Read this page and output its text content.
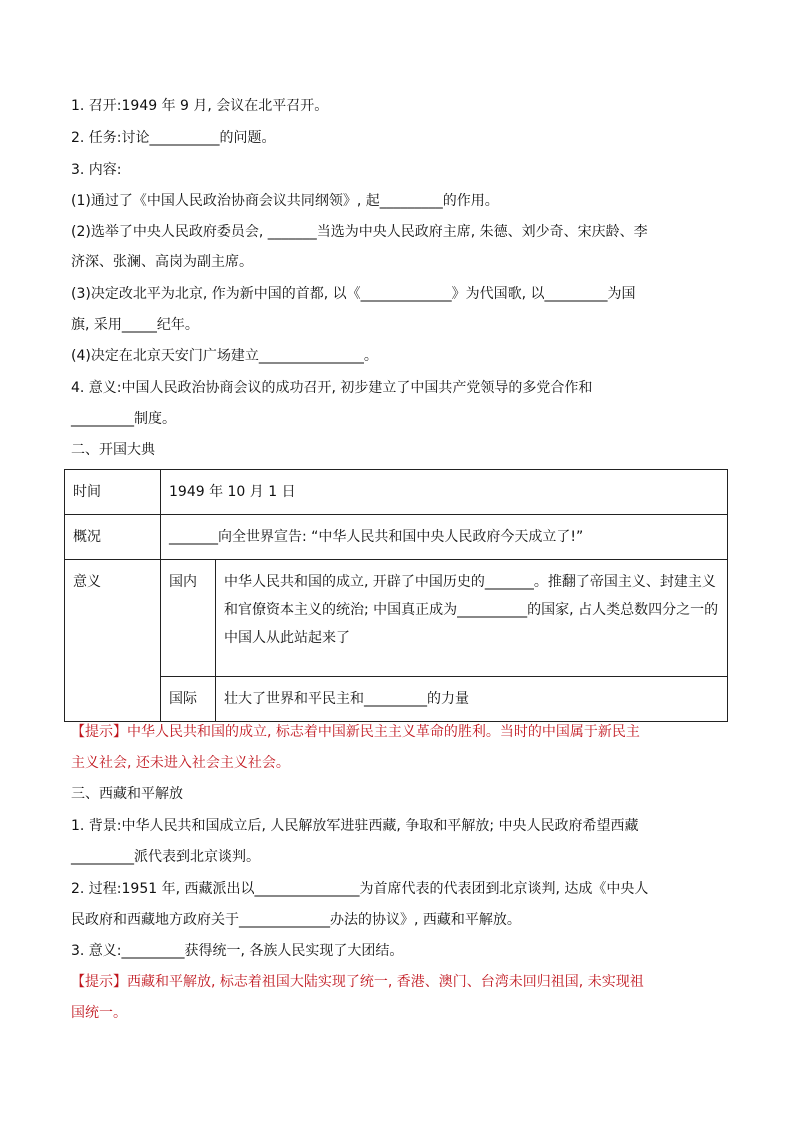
1. 召开:1949 年 9 月, 会议在北平召开。
2. 任务:讨论__________的问题。
3. 内容:
(1)通过了《中国人民政治协商会议共同纲领》, 起_________的作用。
(2)选举了中央人民政府委员会, _______当选为中央人民政府主席, 朱德、刘少奇、宋庆龄、李
济深、张澜、高岗为副主席。
(3)决定改北平为北京, 作为新中国的首都, 以《_____________》为代国歌, 以_________为国
旗, 采用_____纪年。
(4)决定在北京天安门广场建立_______________。
4. 意义:中国人民政治协商会议的成功召开, 初步建立了中国共产党领导的多党合作和
_________制度。
二、开国大典
时间	1949 年 10 月 1 日	
概况	_______向全世界宣告: “中华人民共和国中央人民政府今天成立了!”	
意义	国内	中华人民共和国的成立, 开辟了中国历史的_______。推翻了帝国主义、封建主义和官僚资本主义的统治; 中国真正成为__________的国家, 占人类总数四分之一的中国人从此站起来了
	国际	壮大了世界和平民主和_________的力量
【提示】中华人民共和国的成立, 标志着中国新民主主义革命的胜利。当时的中国属于新民主
主义社会, 还未进入社会主义社会。
三、西藏和平解放
1. 背景:中华人民共和国成立后, 人民解放军进驻西藏, 争取和平解放; 中央人民政府希望西藏
_________派代表到北京谈判。
2. 过程:1951 年, 西藏派出以_______________为首席代表的代表团到北京谈判, 达成《中央人
民政府和西藏地方政府关于_____________办法的协议》, 西藏和平解放。
3. 意义:_________获得统一, 各族人民实现了大团结。
【提示】西藏和平解放, 标志着祖国大陆实现了统一, 香港、澳门、台湾未回归祖国, 未实现祖
国统一。
